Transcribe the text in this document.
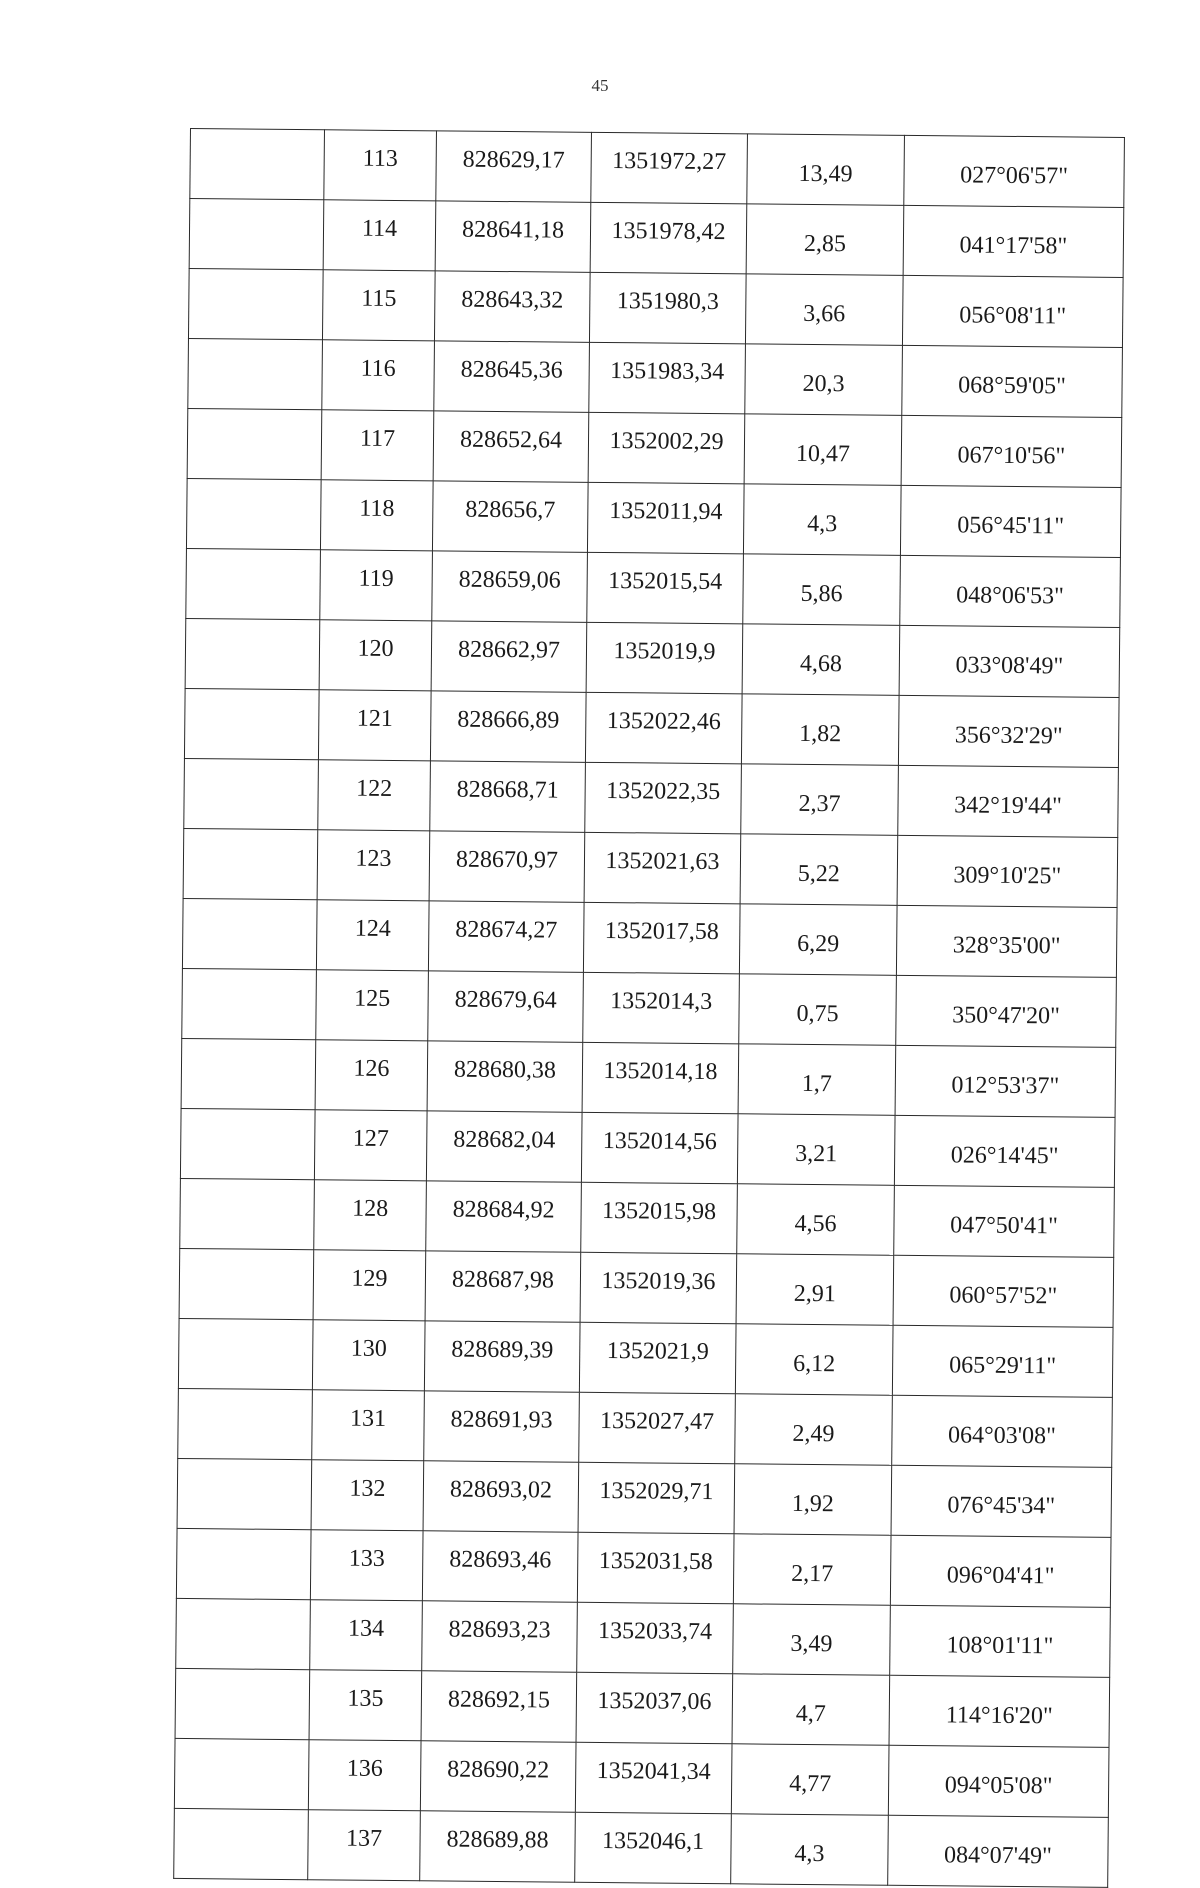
45
	113	828629,17	1351972,27	13,49	027°06'57"
	114	828641,18	1351978,42	2,85	041°17'58"
	115	828643,32	1351980,3	3,66	056°08'11"
	116	828645,36	1351983,34	20,3	068°59'05"
	117	828652,64	1352002,29	10,47	067°10'56"
	118	828656,7	1352011,94	4,3	056°45'11"
	119	828659,06	1352015,54	5,86	048°06'53"
	120	828662,97	1352019,9	4,68	033°08'49"
	121	828666,89	1352022,46	1,82	356°32'29"
	122	828668,71	1352022,35	2,37	342°19'44"
	123	828670,97	1352021,63	5,22	309°10'25"
	124	828674,27	1352017,58	6,29	328°35'00"
	125	828679,64	1352014,3	0,75	350°47'20"
	126	828680,38	1352014,18	1,7	012°53'37"
	127	828682,04	1352014,56	3,21	026°14'45"
	128	828684,92	1352015,98	4,56	047°50'41"
	129	828687,98	1352019,36	2,91	060°57'52"
	130	828689,39	1352021,9	6,12	065°29'11"
	131	828691,93	1352027,47	2,49	064°03'08"
	132	828693,02	1352029,71	1,92	076°45'34"
	133	828693,46	1352031,58	2,17	096°04'41"
	134	828693,23	1352033,74	3,49	108°01'11"
	135	828692,15	1352037,06	4,7	114°16'20"
	136	828690,22	1352041,34	4,77	094°05'08"
	137	828689,88	1352046,1	4,3	084°07'49"
